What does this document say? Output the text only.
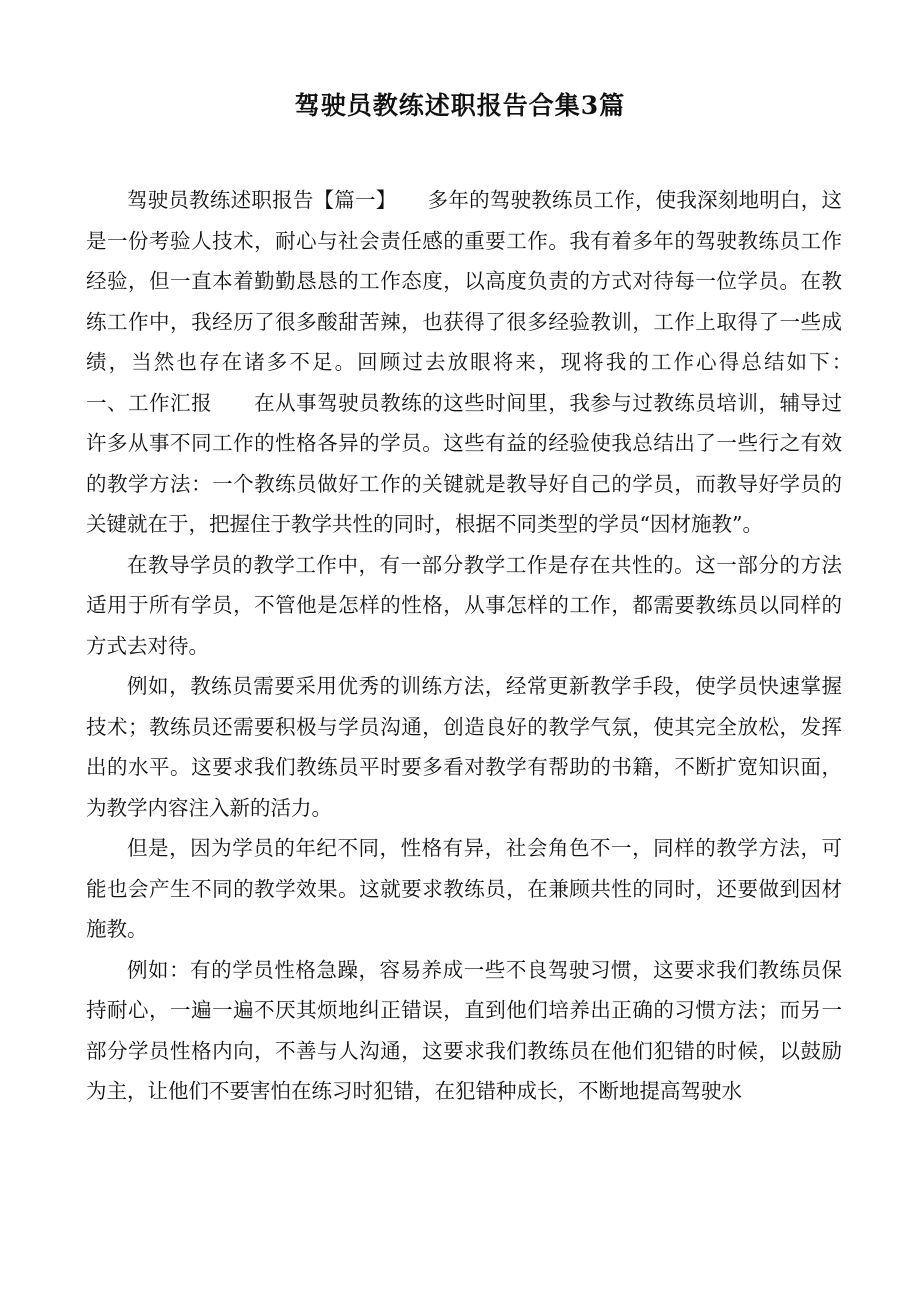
驾驶员教练述职报告合集3篇

驾驶员教练述职报告【篇一】　　多年的驾驶教练员工作，使我深刻地明白，这是一份考验人技术，耐心与社会责任感的重要工作。我有着多年的驾驶教练员工作经验，但一直本着勤勤恳恳的工作态度，以高度负责的方式对待每一位学员。在教练工作中，我经历了很多酸甜苦辣，也获得了很多经验教训，工作上取得了一些成绩，当然也存在诸多不足。回顾过去放眼将来，现将我的工作心得总结如下：　　一、工作汇报　　在从事驾驶员教练的这些时间里，我参与过教练员培训，辅导过许多从事不同工作的性格各异的学员。这些有益的经验使我总结出了一些行之有效的教学方法：一个教练员做好工作的关键就是教导好自己的学员，而教导好学员的关键就在于，把握住于教学共性的同时，根据不同类型的学员“因材施教”。

在教导学员的教学工作中，有一部分教学工作是存在共性的。这一部分的方法适用于所有学员，不管他是怎样的性格，从事怎样的工作，都需要教练员以同样的方式去对待。

例如，教练员需要采用优秀的训练方法，经常更新教学手段，使学员快速掌握技术；教练员还需要积极与学员沟通，创造良好的教学气氛，使其完全放松，发挥出的水平。这要求我们教练员平时要多看对教学有帮助的书籍，不断扩宽知识面，为教学内容注入新的活力。

但是，因为学员的年纪不同，性格有异，社会角色不一，同样的教学方法，可能也会产生不同的教学效果。这就要求教练员，在兼顾共性的同时，还要做到因材施教。

例如：有的学员性格急躁，容易养成一些不良驾驶习惯，这要求我们教练员保持耐心，一遍一遍不厌其烦地纠正错误，直到他们培养出正确的习惯方法；而另一部分学员性格内向，不善与人沟通，这要求我们教练员在他们犯错的时候，以鼓励为主，让他们不要害怕在练习时犯错，在犯错种成长，不断地提高驾驶水
